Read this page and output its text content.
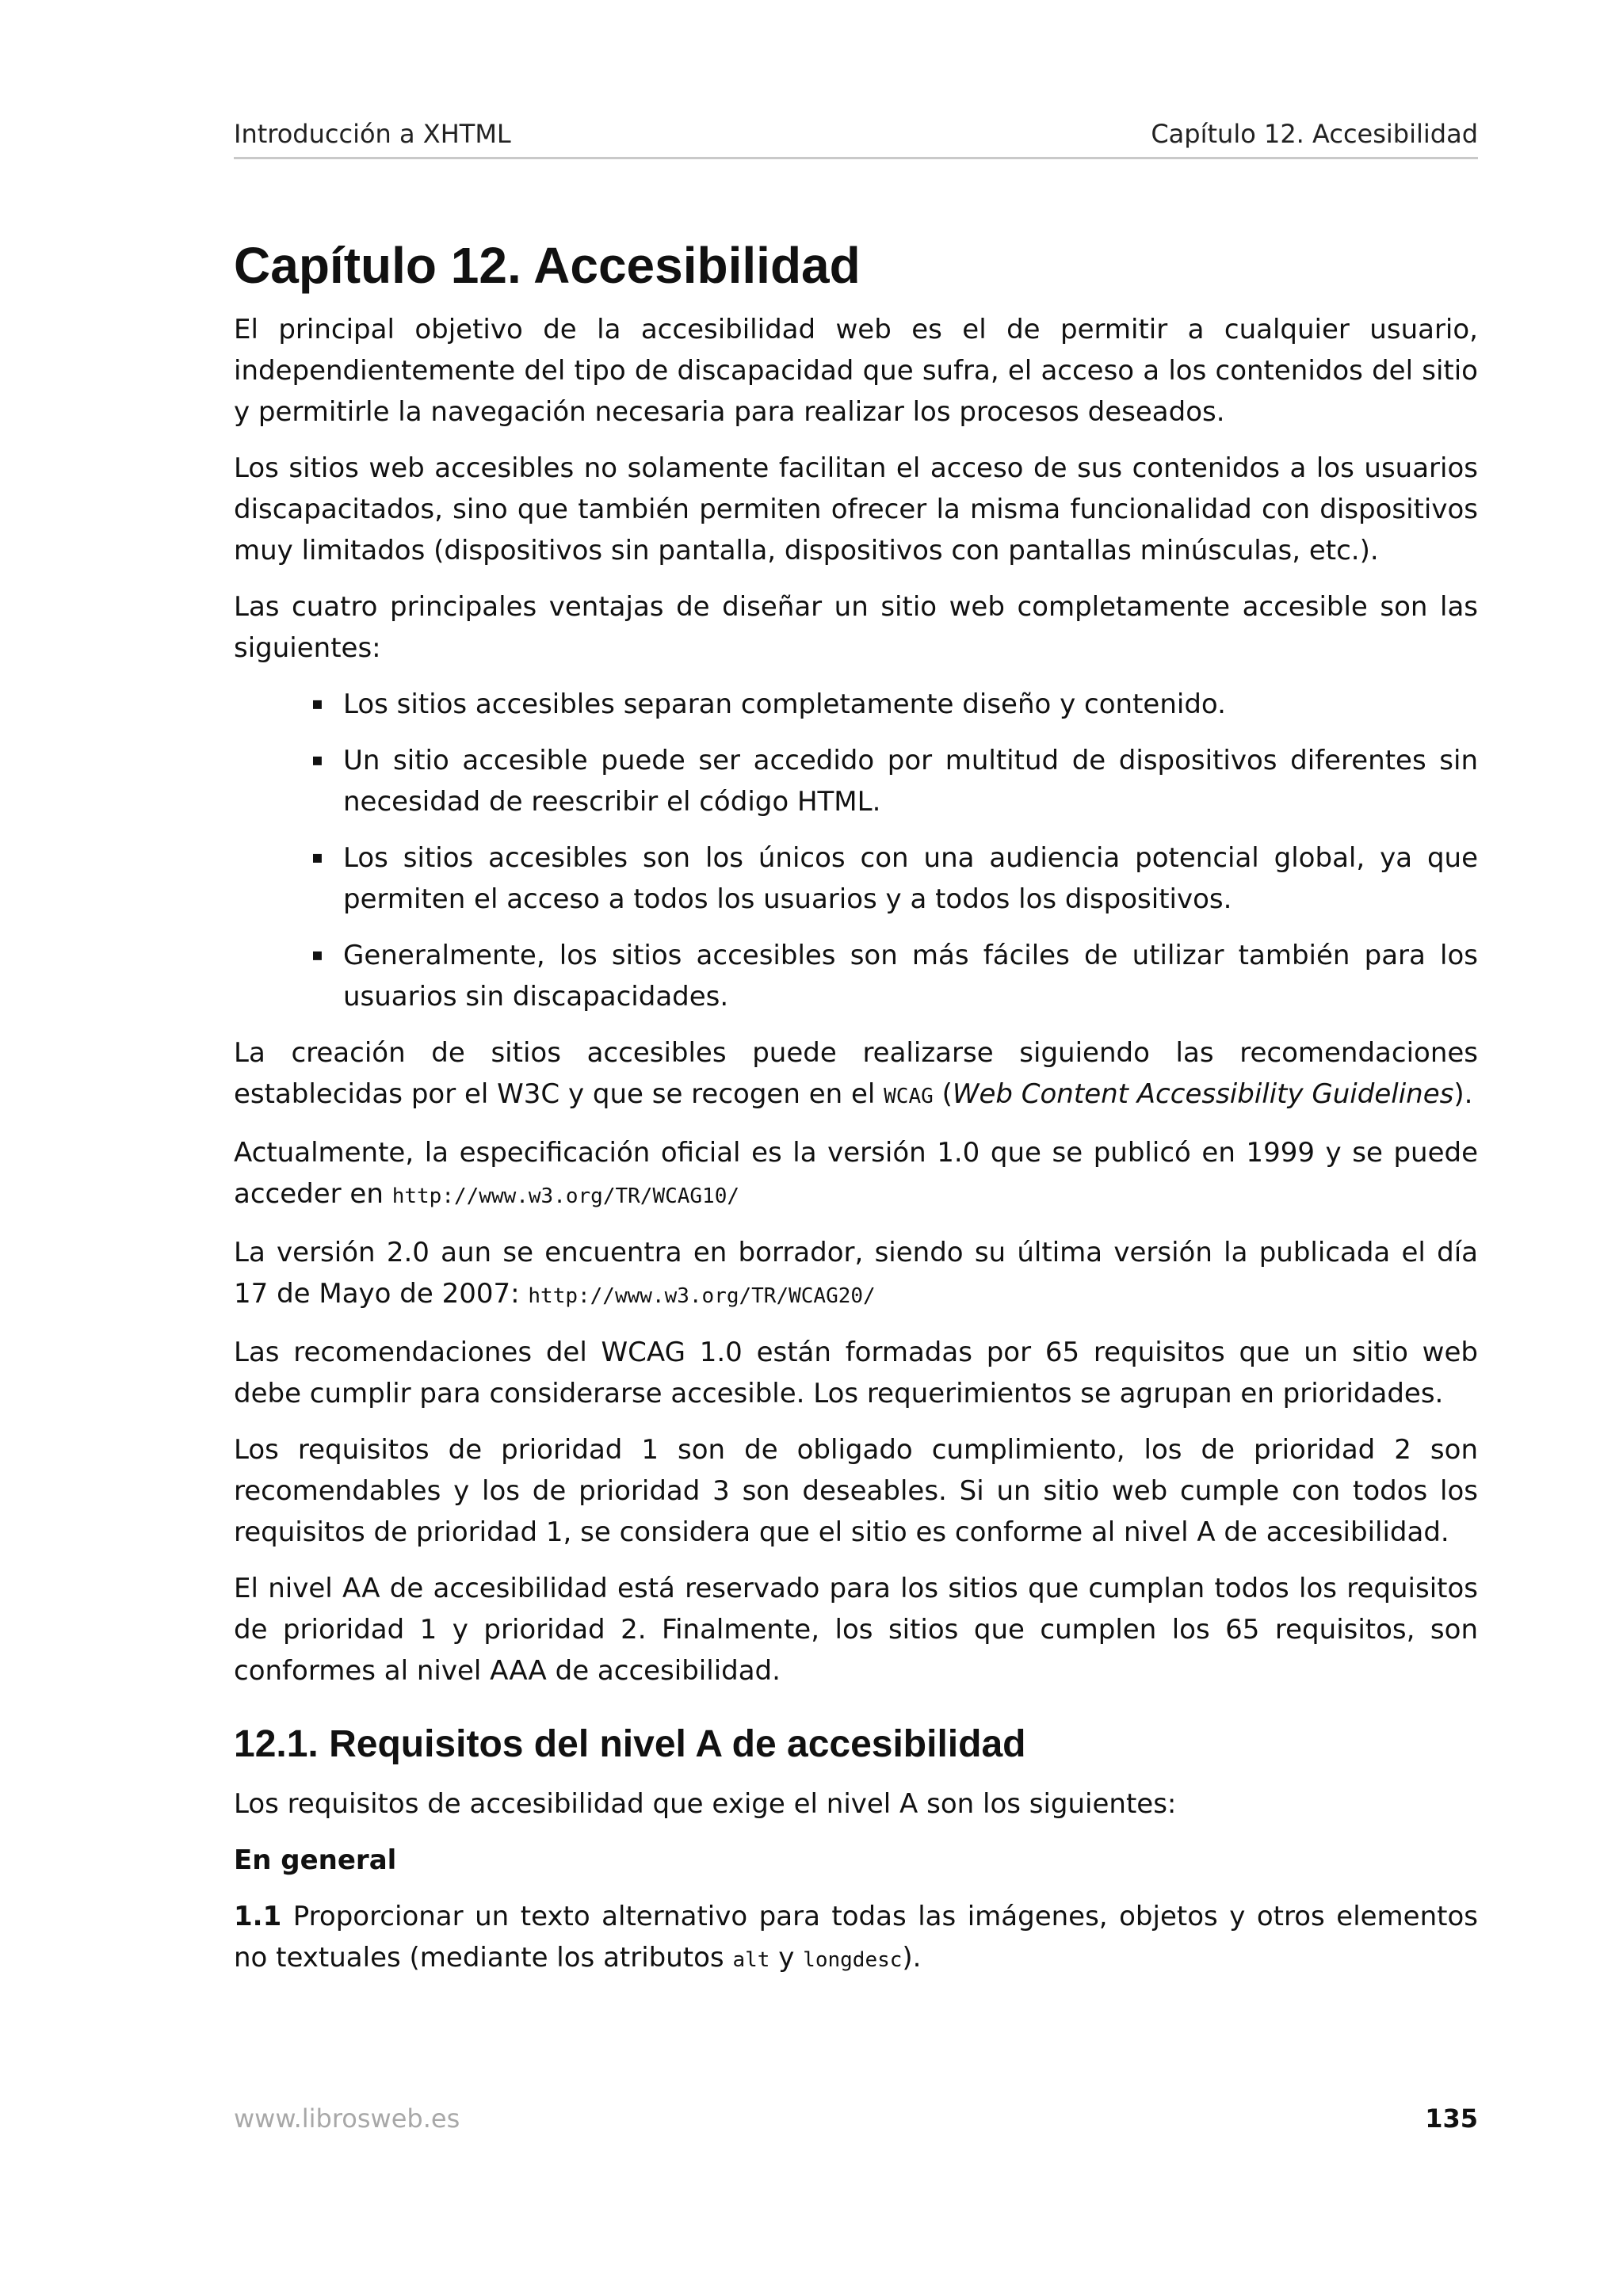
Introducción a XHTML	Capítulo 12. Accesibilidad
Capítulo 12. Accesibilidad

El principal objetivo de la accesibilidad web es el de permitir a cualquier usuario, independientemente del tipo de discapacidad que sufra, el acceso a los contenidos del sitio y permitirle la navegación necesaria para realizar los procesos deseados.

Los sitios web accesibles no solamente facilitan el acceso de sus contenidos a los usuarios discapacitados, sino que también permiten ofrecer la misma funcionalidad con dispositivos muy limitados (dispositivos sin pantalla, dispositivos con pantallas minúsculas, etc.).

Las cuatro principales ventajas de diseñar un sitio web completamente accesible son las siguientes:

▪ Los sitios accesibles separan completamente diseño y contenido.
▪ Un sitio accesible puede ser accedido por multitud de dispositivos diferentes sin necesidad de reescribir el código HTML.
▪ Los sitios accesibles son los únicos con una audiencia potencial global, ya que permiten el acceso a todos los usuarios y a todos los dispositivos.
▪ Generalmente, los sitios accesibles son más fáciles de utilizar también para los usuarios sin discapacidades.

La creación de sitios accesibles puede realizarse siguiendo las recomendaciones establecidas por el W3C y que se recogen en el WCAG (Web Content Accessibility Guidelines).

Actualmente, la especificación oficial es la versión 1.0 que se publicó en 1999 y se puede acceder en http://www.w3.org/TR/WCAG10/

La versión 2.0 aun se encuentra en borrador, siendo su última versión la publicada el día 17 de Mayo de 2007: http://www.w3.org/TR/WCAG20/

Las recomendaciones del WCAG 1.0 están formadas por 65 requisitos que un sitio web debe cumplir para considerarse accesible. Los requerimientos se agrupan en prioridades.

Los requisitos de prioridad 1 son de obligado cumplimiento, los de prioridad 2 son recomendables y los de prioridad 3 son deseables. Si un sitio web cumple con todos los requisitos de prioridad 1, se considera que el sitio es conforme al nivel A de accesibilidad.

El nivel AA de accesibilidad está reservado para los sitios que cumplan todos los requisitos de prioridad 1 y prioridad 2. Finalmente, los sitios que cumplen los 65 requisitos, son conformes al nivel AAA de accesibilidad.

12.1. Requisitos del nivel A de accesibilidad

Los requisitos de accesibilidad que exige el nivel A son los siguientes:

En general

1.1 Proporcionar un texto alternativo para todas las imágenes, objetos y otros elementos no textuales (mediante los atributos alt y longdesc).

www.librosweb.es	135
